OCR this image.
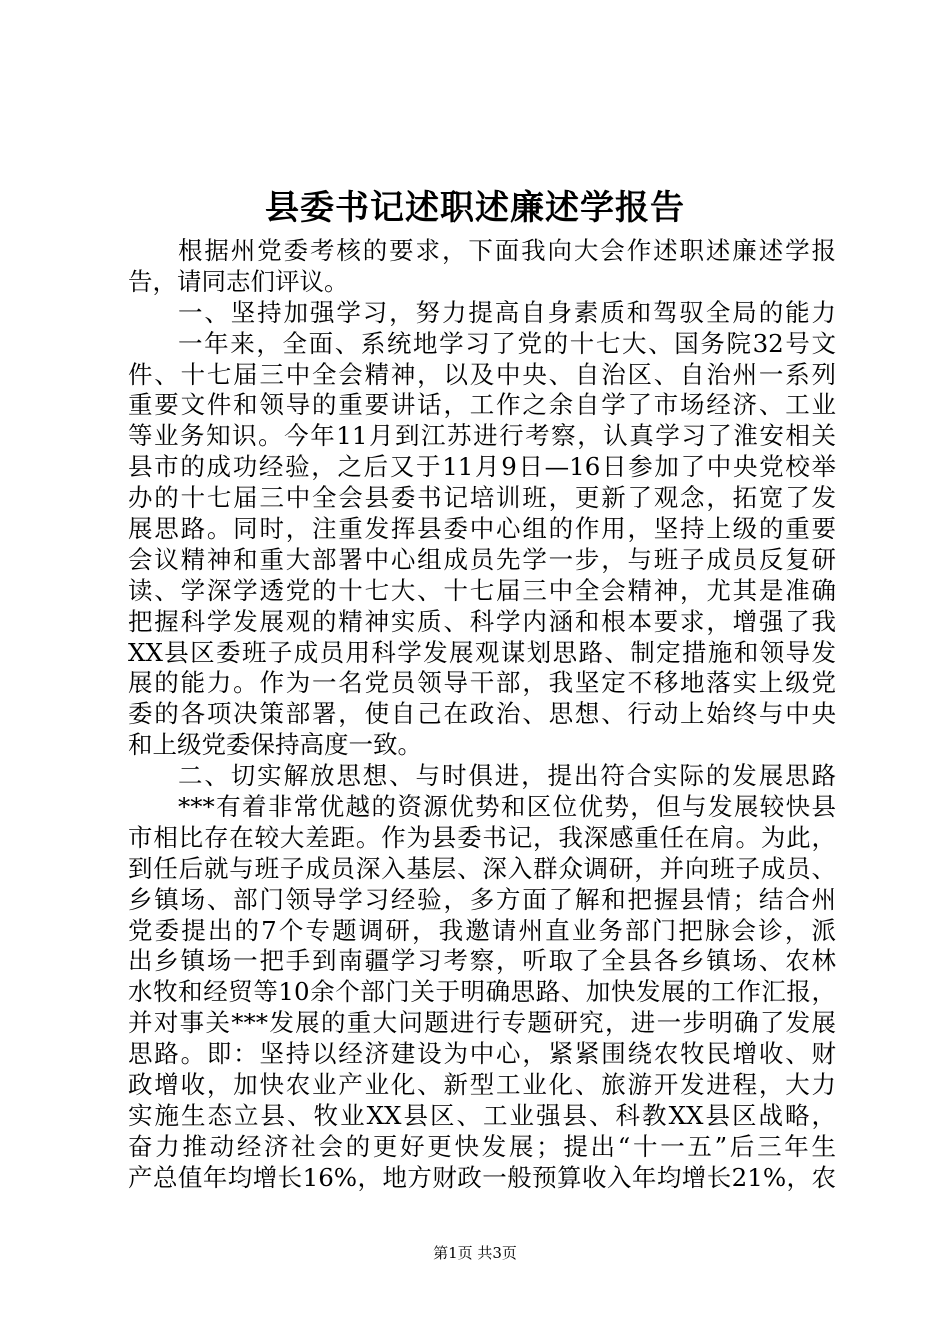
县委书记述职述廉述学报告
根据州党委考核的要求，下面我向大会作述职述廉述学报
告，请同志们评议。
一、坚持加强学习，努力提高自身素质和驾驭全局的能力
一年来，全面、系统地学习了党的十七大、国务院32号文
件、十七届三中全会精神，以及中央、自治区、自治州一系列
重要文件和领导的重要讲话，工作之余自学了市场经济、工业
等业务知识。今年11月到江苏进行考察，认真学习了淮安相关
县市的成功经验，之后又于11月9日—16日参加了中央党校举
办的十七届三中全会县委书记培训班，更新了观念，拓宽了发
展思路。同时，注重发挥县委中心组的作用，坚持上级的重要
会议精神和重大部署中心组成员先学一步，与班子成员反复研
读、学深学透党的十七大、十七届三中全会精神，尤其是准确
把握科学发展观的精神实质、科学内涵和根本要求，增强了我
XX县区委班子成员用科学发展观谋划思路、制定措施和领导发
展的能力。作为一名党员领导干部，我坚定不移地落实上级党
委的各项决策部署，使自己在政治、思想、行动上始终与中央
和上级党委保持高度一致。
二、切实解放思想、与时俱进，提出符合实际的发展思路
***有着非常优越的资源优势和区位优势，但与发展较快县
市相比存在较大差距。作为县委书记，我深感重任在肩。为此，
到任后就与班子成员深入基层、深入群众调研，并向班子成员、
乡镇场、部门领导学习经验，多方面了解和把握县情；结合州
党委提出的7个专题调研，我邀请州直业务部门把脉会诊，派
出乡镇场一把手到南疆学习考察，听取了全县各乡镇场、农林
水牧和经贸等10余个部门关于明确思路、加快发展的工作汇报，
并对事关***发展的重大问题进行专题研究，进一步明确了发展
思路。即：坚持以经济建设为中心，紧紧围绕农牧民增收、财
政增收，加快农业产业化、新型工业化、旅游开发进程，大力
实施生态立县、牧业XX县区、工业强县、科教XX县区战略，
奋力推动经济社会的更好更快发展；提出“十一五”后三年生
产总值年均增长16%，地方财政一般预算收入年均增长21%，农
第1页 共3页
